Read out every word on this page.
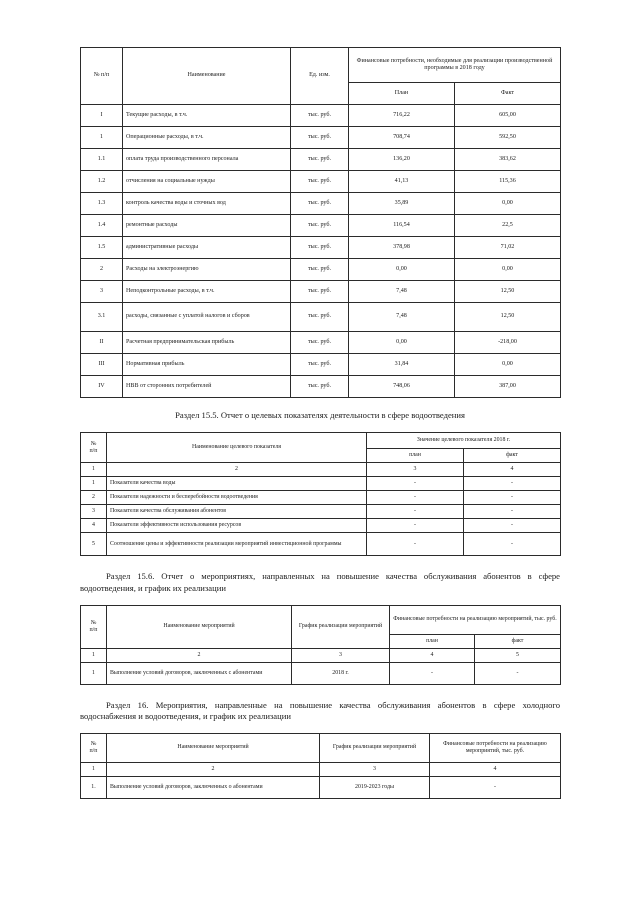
№ п/п	Наименование	Ед. изм.	Финансовые потребности, необходимые для реализации производственной программы в 2018 году	
			План	Факт
I	Текущие расходы, в т.ч.	тыс. руб.	716,22	605,00
1	Операционные расходы, в т.ч.	тыс. руб.	708,74	592,50
1.1	оплата труда производственного персонала	тыс. руб.	136,20	383,62
1.2	отчисления на социальные нужды	тыс. руб.	41,13	115,36
1.3	контроль качества воды и сточных вод	тыс. руб.	35,89	0,00
1.4	ремонтные расходы	тыс. руб.	116,54	22,5
1.5	административные расходы	тыс. руб.	378,98	71,02
2	Расходы на электроэнергию	тыс. руб.	0,00	0,00
3	Неподконтрольные расходы, в т.ч.	тыс. руб.	7,48	12,50
3.1	расходы, связанные с уплатой налогов и сборов	тыс. руб.	7,48	12,50
II	Расчетная предпринимательская прибыль	тыс. руб.	0,00	-218,00
III	Нормативная прибыль	тыс. руб.	31,84	0,00
IV	НВВ от сторонних потребителей	тыс. руб.	748,06	387,00

Раздел 15.5. Отчет о целевых показателях деятельности в сфере водоотведения

№
п/п	Наименование целевого показателя	Значение целевого показателя 2018 г.	
		план	факт
1	2	3	4
1	Показатели качества воды	-	-
2	Показатели надежности и бесперебойности водоотведения	-	-
3	Показатели качества обслуживания абонентов	-	-
4	Показатели эффективности использования ресурсов	-	-
5	Соотношение цены и эффективности реализации мероприятий инвестиционной программы	-	-

Раздел 15.6. Отчет о мероприятиях, направленных на повышение качества обслуживания абонентов в сфере водоотведения, и график их реализации

№
п/п	Наименование мероприятий	График реализации мероприятий	Финансовые потребности на реализацию мероприятий, тыс. руб.	
			план	факт
1	2	3	4	5
1	Выполнение условий договоров, заключенных с абонентами	2018 г.	-	-

Раздел 16. Мероприятия, направленные на повышение качества обслуживания абонентов в сфере холодного водоснабжения и водоотведения, и график их реализации

№
п/п	Наименование мероприятий	График реализации мероприятий	Финансовые потребности на реализацию мероприятий, тыс. руб.
1	2	3	4
1.	Выполнение условий договоров, заключенных о абонентами	2019-2023 годы	-
